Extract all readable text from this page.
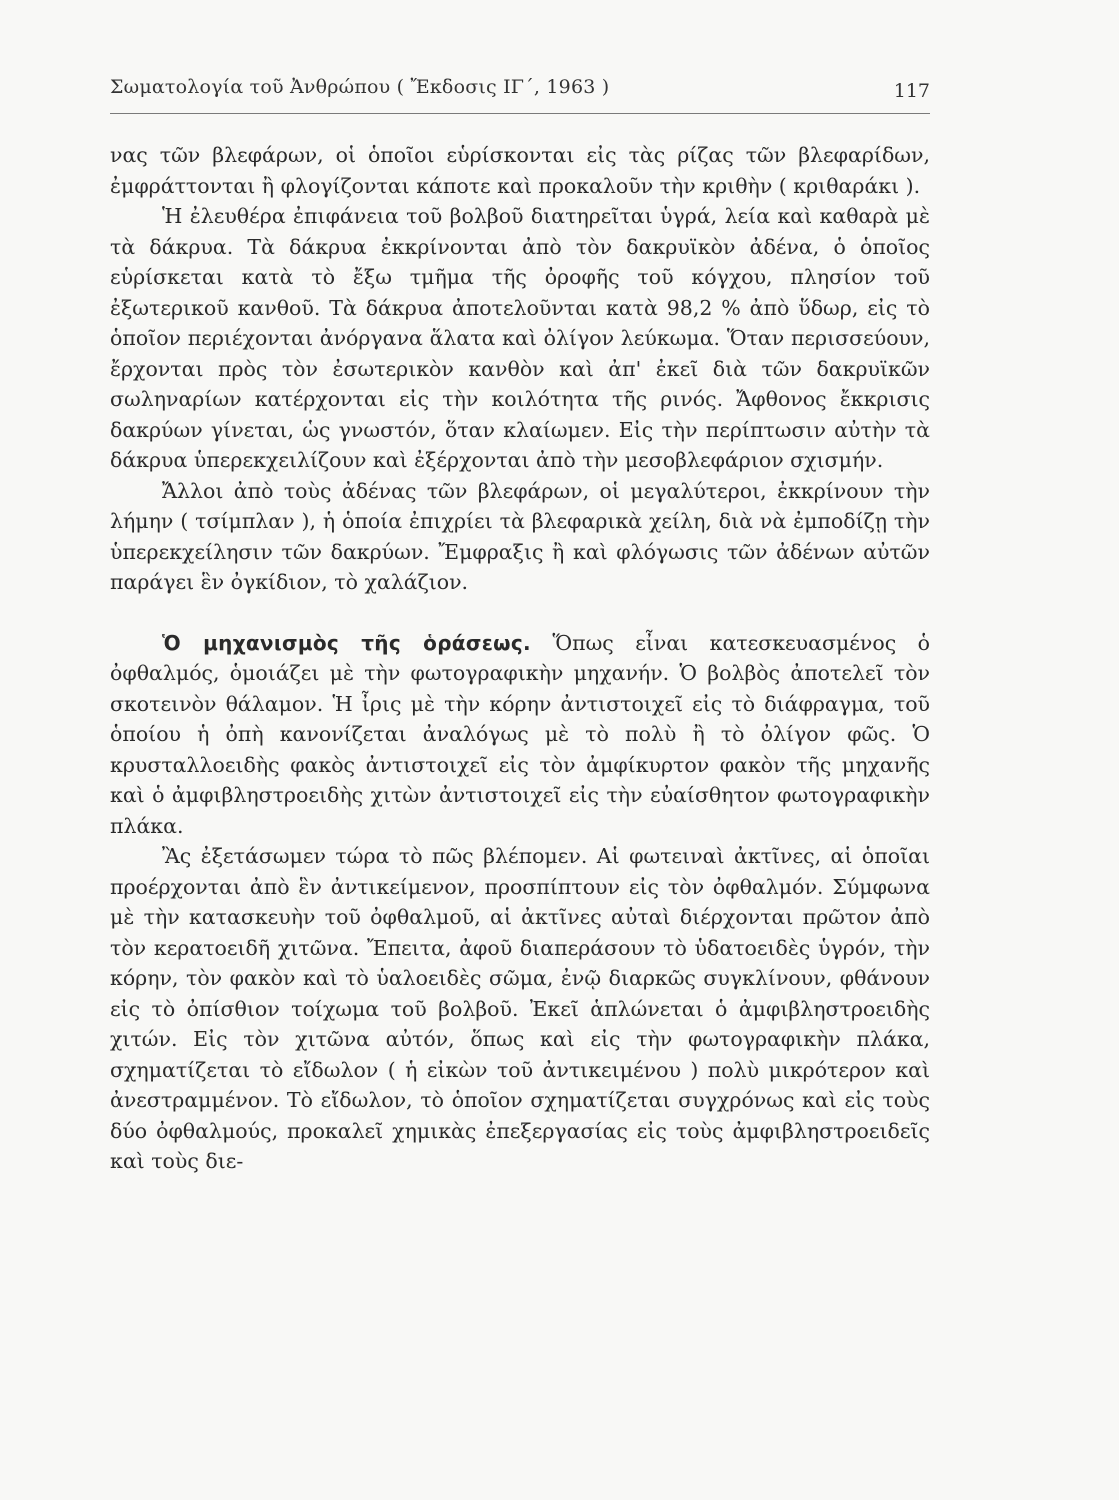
Σωματολογία τοῦ Ἀνθρώπου ( Ἔκδοσις ΙΓ΄, 1963 )	117

νας τῶν βλεφάρων, οἱ ὁποῖοι εὑρίσκονται εἰς τὰς ρίζας τῶν βλεφαρίδων, ἐμφράττονται ἢ φλογίζονται κάποτε καὶ προκαλοῦν τὴν κριθὴν ( κριθαράκι ).

Ἡ ἐλευθέρα ἐπιφάνεια τοῦ βολβοῦ διατηρεῖται ὑγρά, λεία καὶ καθαρὰ μὲ τὰ δάκρυα. Τὰ δάκρυα ἐκκρίνονται ἀπὸ τὸν δακρυϊκὸν ἀδένα, ὁ ὁποῖος εὑρίσκεται κατὰ τὸ ἔξω τμῆμα τῆς ὀροφῆς τοῦ κόγχου, πλησίον τοῦ ἐξωτερικοῦ κανθοῦ. Τὰ δάκρυα ἀποτελοῦνται κατὰ 98,2 % ἀπὸ ὕδωρ, εἰς τὸ ὁποῖον περιέχονται ἀνόργανα ἅλατα καὶ ὀλίγον λεύκωμα. Ὅταν περισσεύουν, ἔρχονται πρὸς τὸν ἐσωτερικὸν κανθὸν καὶ ἀπ' ἐκεῖ διὰ τῶν δακρυϊκῶν σωληναρίων κατέρχονται εἰς τὴν κοιλότητα τῆς ρινός. Ἄφθονος ἔκκρισις δακρύων γίνεται, ὡς γνωστόν, ὅταν κλαίωμεν. Εἰς τὴν περίπτωσιν αὐτὴν τὰ δάκρυα ὑπερεκχειλίζουν καὶ ἐξέρχονται ἀπὸ τὴν μεσοβλεφάριον σχισμήν.

Ἄλλοι ἀπὸ τοὺς ἀδένας τῶν βλεφάρων, οἱ μεγαλύτεροι, ἐκκρίνουν τὴν λήμην ( τσίμπλαν ), ἡ ὁποία ἐπιχρίει τὰ βλεφαρικὰ χείλη, διὰ νὰ ἐμποδίζῃ τὴν ὑπερεκχείλησιν τῶν δακρύων. Ἔμφραξις ἢ καὶ φλόγωσις τῶν ἀδένων αὐτῶν παράγει ἓν ὀγκίδιον, τὸ χαλάζιον.

Ὁ μηχανισμὸς τῆς ὁράσεως. Ὅπως εἶναι κατεσκευασμένος ὁ ὀφθαλμός, ὁμοιάζει μὲ τὴν φωτογραφικὴν μηχανήν. Ὁ βολβὸς ἀποτελεῖ τὸν σκοτεινὸν θάλαμον. Ἡ ἶρις μὲ τὴν κόρην ἀντιστοιχεῖ εἰς τὸ διάφραγμα, τοῦ ὁποίου ἡ ὀπὴ κανονίζεται ἀναλόγως μὲ τὸ πολὺ ἢ τὸ ὀλίγον φῶς. Ὁ κρυσταλλοειδὴς φακὸς ἀντιστοιχεῖ εἰς τὸν ἀμφίκυρτον φακὸν τῆς μηχανῆς καὶ ὁ ἀμφιβληστροειδὴς χιτὼν ἀντιστοιχεῖ εἰς τὴν εὐαίσθητον φωτογραφικὴν πλάκα.

Ἂς ἐξετάσωμεν τώρα τὸ πῶς βλέπομεν. Αἱ φωτειναὶ ἀκτῖνες, αἱ ὁποῖαι προέρχονται ἀπὸ ἓν ἀντικείμενον, προσπίπτουν εἰς τὸν ὀφθαλμόν. Σύμφωνα μὲ τὴν κατασκευὴν τοῦ ὀφθαλμοῦ, αἱ ἀκτῖνες αὐταὶ διέρχονται πρῶτον ἀπὸ τὸν κερατοειδῆ χιτῶνα. Ἔπειτα, ἀφοῦ διαπεράσουν τὸ ὑδατοειδὲς ὑγρόν, τὴν κόρην, τὸν φακὸν καὶ τὸ ὑαλοειδὲς σῶμα, ἐνῷ διαρκῶς συγκλίνουν, φθάνουν εἰς τὸ ὀπίσθιον τοίχωμα τοῦ βολβοῦ. Ἐκεῖ ἁπλώνεται ὁ ἀμφιβληστροειδὴς χιτών. Εἰς τὸν χιτῶνα αὐτόν, ὅπως καὶ εἰς τὴν φωτογραφικὴν πλάκα, σχηματίζεται τὸ εἴδωλον ( ἡ εἰκὼν τοῦ ἀντικειμένου ) πολὺ μικρότερον καὶ ἀνεστραμμένον. Τὸ εἴδωλον, τὸ ὁποῖον σχηματίζεται συγχρόνως καὶ εἰς τοὺς δύο ὀφθαλμούς, προκαλεῖ χημικὰς ἐπεξεργασίας εἰς τοὺς ἀμφιβληστροειδεῖς καὶ τοὺς διε-
